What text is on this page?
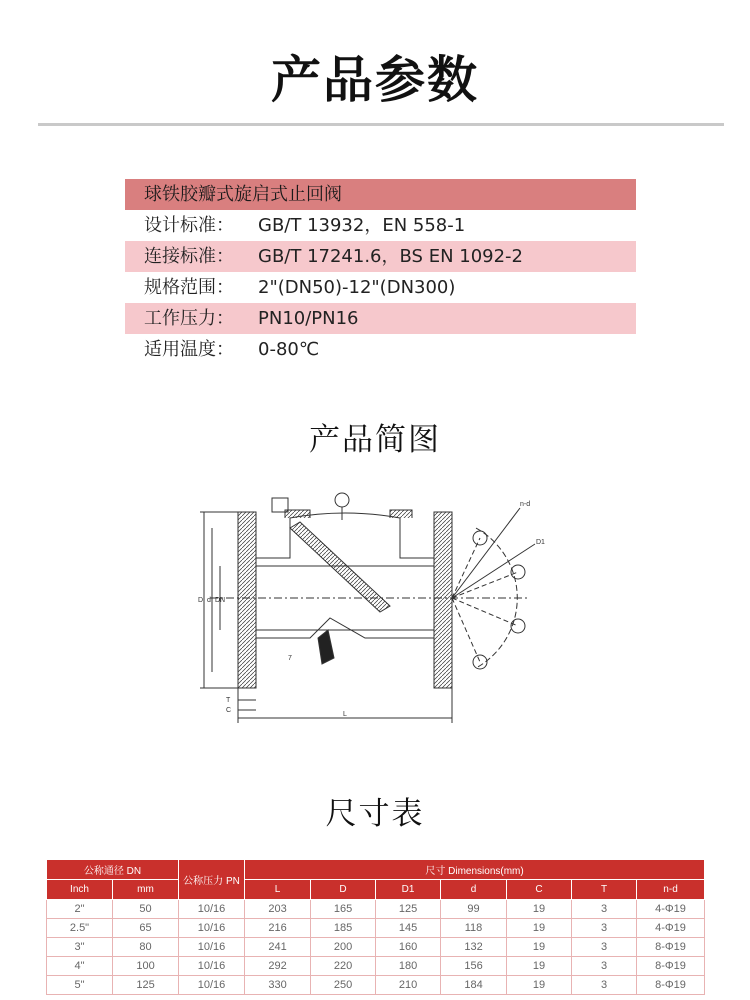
产品参数
球铁胶瓣式旋启式止回阀
设计标准：	GB/T 13932，EN 558-1
连接标准：	GB/T 17241.6，BS EN 1092-2
规格范围：	2"(DN50)-12"(DN300)
工作压力：	PN10/PN16
适用温度：	0-80℃
产品简图
n-d
D1
D d DN
T
C
L
7
尺寸表
公称通径 DN		公称压力 PN	尺寸 Dimensions(mm)						
Inch	mm		L	D	D1	d	C	T	n-d
2"	50	10/16	203	165	125	99	19	3	4-Φ19
2.5"	65	10/16	216	185	145	118	19	3	4-Φ19
3"	80	10/16	241	200	160	132	19	3	8-Φ19
4"	100	10/16	292	220	180	156	19	3	8-Φ19
5"	125	10/16	330	250	210	184	19	3	8-Φ19
